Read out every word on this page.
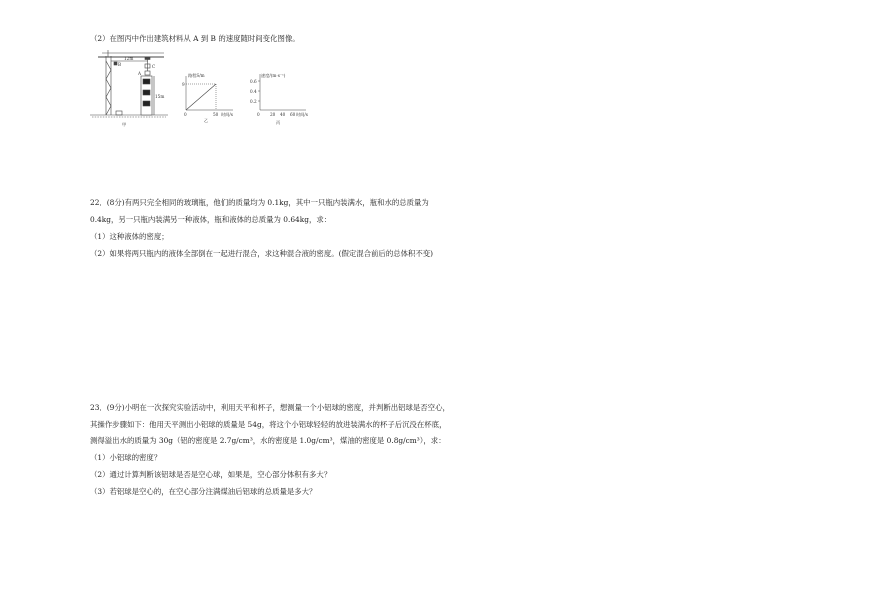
（2）在图丙中作出建筑材料从 A 到 B 的速度随时间变化图像。
12m
B	C
A
15m
甲
路程S/m
9
0	50 时间/s
乙
速度/(m·s⁻¹)
0.6
0.4
0.2
0 20 40 60 时间/s
丙
22．(8分)有两只完全相同的玻璃瓶，他们的质量均为 0.1kg，其中一只瓶内装满水，瓶和水的总质量为
0.4kg，另一只瓶内装满另一种液体，瓶和液体的总质量为 0.64kg，求：
（1）这种液体的密度；
（2）如果将两只瓶内的液体全部倒在一起进行混合，求这种混合液的密度。(假定混合前后的总体积不变)
23．(9分)小明在一次探究实验活动中，利用天平和杯子，想测量一个小铝球的密度，并判断出铝球是否空心，
其操作步骤如下：他用天平测出小铝球的质量是 54g，将这个小铝球轻轻的放进装满水的杯子后沉没在杯底，
测得溢出水的质量为 30g（铝的密度是 2.7g/cm³，水的密度是 1.0g/cm³，煤油的密度是 0.8g/cm³），求：
（1）小铝球的密度？
（2）通过计算判断该铝球是否是空心球，如果是，空心部分体积有多大？
（3）若铝球是空心的，在空心部分注满煤油后铝球的总质量是多大？
